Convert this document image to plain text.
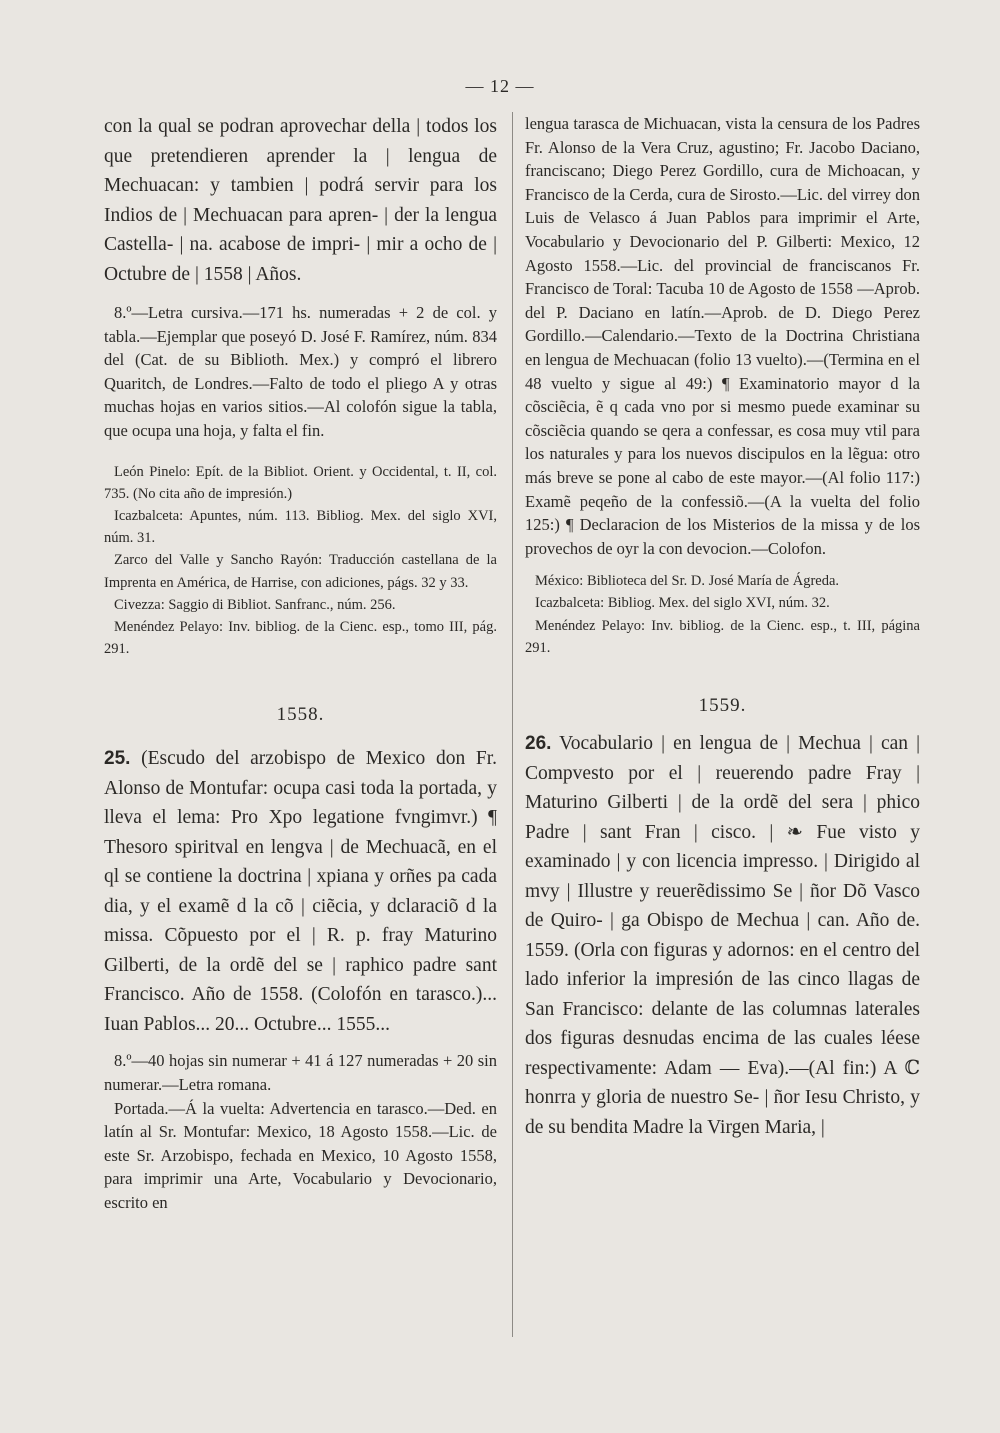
— 12 —

con la qual se podran aprovechar della | todos los que pretendieren aprender la | lengua de Mechuacan: y tambien | podrá servir para los Indios de | Mechuacan para apren- | der la lengua Castella- | na. acabose de impri- | mir a ocho de | Octubre de | 1558 | Años.

8.º—Letra cursiva.—171 hs. numeradas + 2 de col. y tabla.—Ejemplar que poseyó D. José F. Ramírez, núm. 834 del (Cat. de su Biblioth. Mex.) y compró el librero Quaritch, de Londres.—Falto de todo el pliego A y otras muchas hojas en varios sitios.—Al colofón sigue la tabla, que ocupa una hoja, y falta el fin.

León Pinelo: Epít. de la Bibliot. Orient. y Occidental, t. II, col. 735. (No cita año de impresión.)

Icazbalceta: Apuntes, núm. 113. Bibliog. Mex. del siglo XVI, núm. 31.

Zarco del Valle y Sancho Rayón: Traducción castellana de la Imprenta en América, de Harrise, con adiciones, págs. 32 y 33.

Civezza: Saggio di Bibliot. Sanfranc., núm. 256.

Menéndez Pelayo: Inv. bibliog. de la Cienc. esp., tomo III, pág. 291.

1558.

25. (Escudo del arzobispo de Mexico don Fr. Alonso de Montufar: ocupa casi toda la portada, y lleva el lema: Pro Xpo legatione fvngimvr.) ¶ Thesoro spiritval en lengva | de Mechuacã, en el ql se contiene la doctrina | xpiana y orñes pa cada dia, y el examẽ d la cõ | ciẽcia, y dclaraciõ d la missa. Cõpuesto por el | R. p. fray Maturino Gilberti, de la ordẽ del se | raphico padre sant Francisco. Año de 1558. (Colofón en tarasco.)... Iuan Pablos... 20... Octubre... 1555...

8.º—40 hojas sin numerar + 41 á 127 numeradas + 20 sin numerar.—Letra romana.

Portada.—Á la vuelta: Advertencia en tarasco.—Ded. en latín al Sr. Montufar: Mexico, 18 Agosto 1558.—Lic. de este Sr. Arzobispo, fechada en Mexico, 10 Agosto 1558, para imprimir una Arte, Vocabulario y Devocionario, escrito en

lengua tarasca de Michuacan, vista la censura de los Padres Fr. Alonso de la Vera Cruz, agustino; Fr. Jacobo Daciano, franciscano; Diego Perez Gordillo, cura de Michoacan, y Francisco de la Cerda, cura de Sirosto.—Lic. del virrey don Luis de Velasco á Juan Pablos para imprimir el Arte, Vocabulario y Devocionario del P. Gilberti: Mexico, 12 Agosto 1558.—Lic. del provincial de franciscanos Fr. Francisco de Toral: Tacuba 10 de Agosto de 1558 —Aprob. del P. Daciano en latín.—Aprob. de D. Diego Perez Gordillo.—Calendario.—Texto de la Doctrina Christiana en lengua de Mechuacan (folio 13 vuelto).—(Termina en el 48 vuelto y sigue al 49:) ¶ Examinatorio mayor d la cõsciẽcia, ẽ q cada vno por si mesmo puede examinar su cõsciẽcia quando se qera a confessar, es cosa muy vtil para los naturales y para los nuevos discipulos en la lẽgua: otro más breve se pone al cabo de este mayor.—(Al folio 117:) Examẽ peqeño de la confessiõ.—(A la vuelta del folio 125:) ¶ Declaracion de los Misterios de la missa y de los provechos de oyr la con devocion.—Colofon.

México: Biblioteca del Sr. D. José María de Ágreda.

Icazbalceta: Bibliog. Mex. del siglo XVI, núm. 32.

Menéndez Pelayo: Inv. bibliog. de la Cienc. esp., t. III, página 291.

1559.

26. Vocabulario | en lengua de | Mechua | can | Compvesto por el | reuerendo padre Fray | Maturino Gilberti | de la ordẽ del sera | phico Padre | sant Fran | cisco. | ❧ Fue visto y examinado | y con licencia impresso. | Dirigido al mvy | Illustre y reuerẽdissimo Se | ñor Dõ Vasco de Quiro- | ga Obispo de Mechua | can. Año de. 1559. (Orla con figuras y adornos: en el centro del lado inferior la impresión de las cinco llagas de San Francisco: delante de las columnas laterales dos figuras desnudas encima de las cuales léese respectivamente: Adam — Eva).—(Al fin:) A ℂ honrra y gloria de nuestro Se- | ñor Iesu Christo, y de su bendita Madre la Virgen Maria, |
